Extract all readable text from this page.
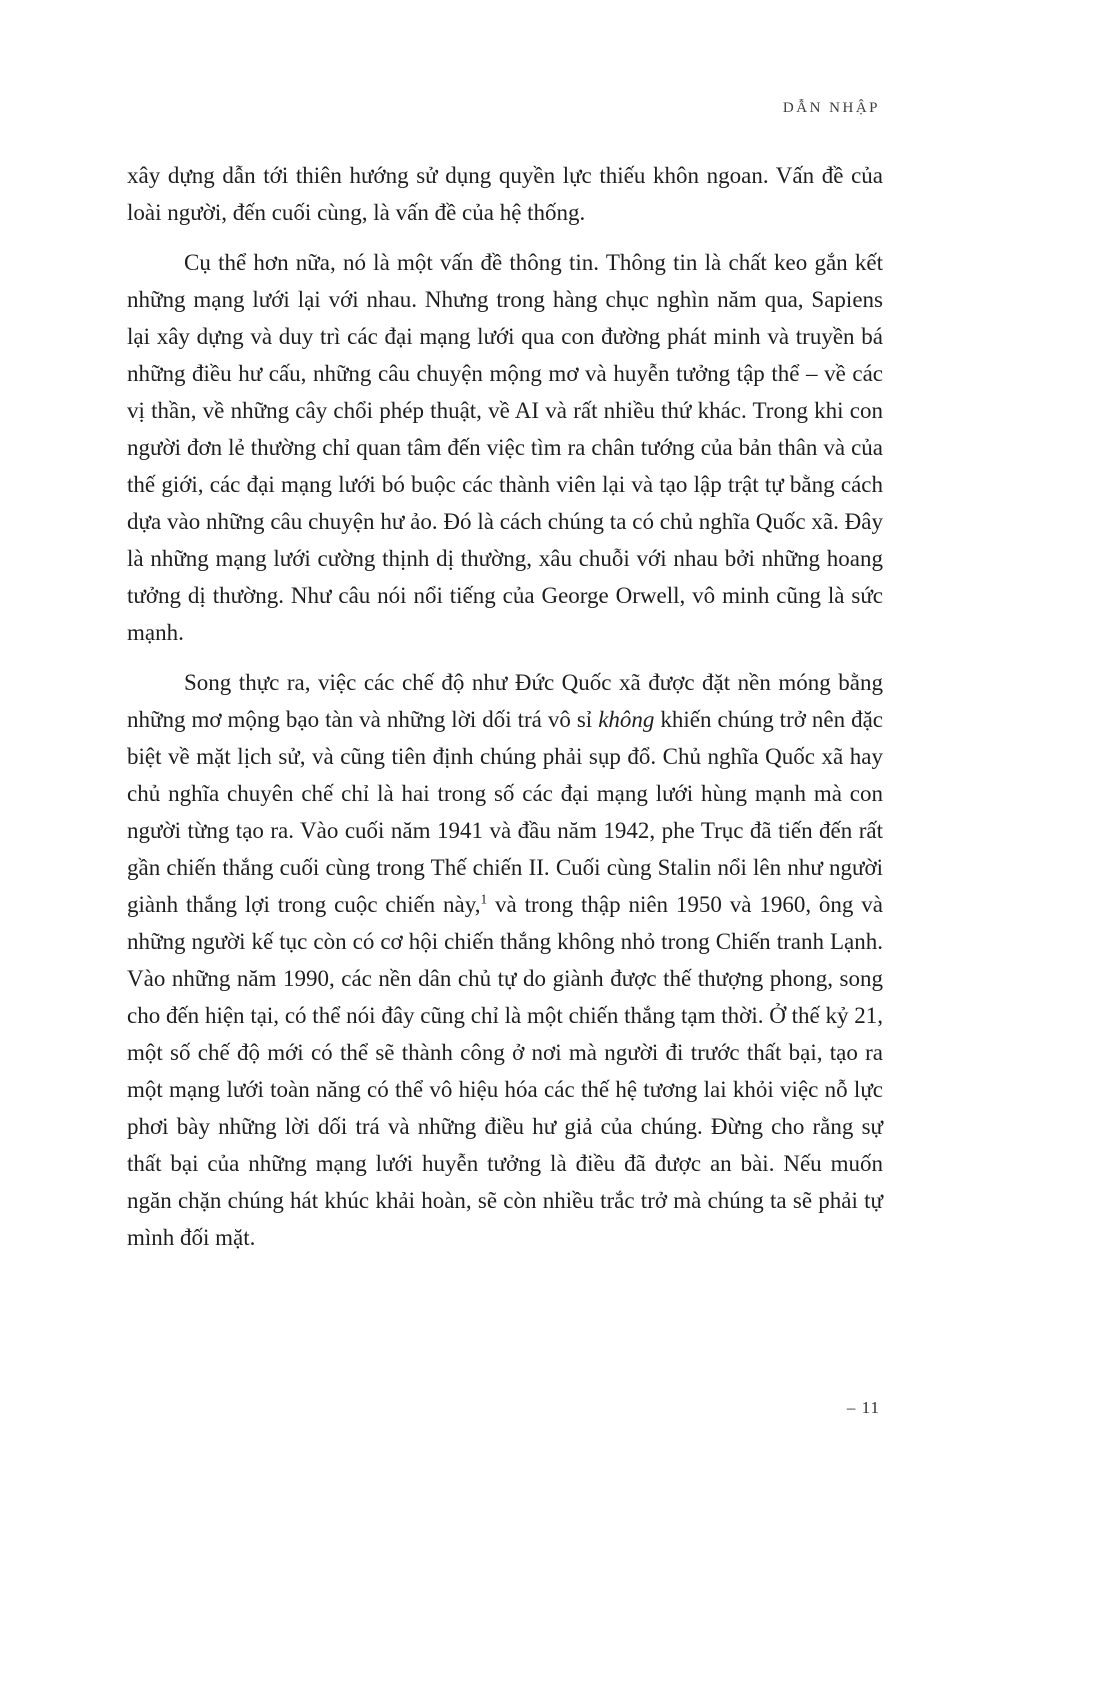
DẪN NHẬP

xây dựng dẫn tới thiên hướng sử dụng quyền lực thiếu khôn ngoan. Vấn đề của loài người, đến cuối cùng, là vấn đề của hệ thống.

Cụ thể hơn nữa, nó là một vấn đề thông tin. Thông tin là chất keo gắn kết những mạng lưới lại với nhau. Nhưng trong hàng chục nghìn năm qua, Sapiens lại xây dựng và duy trì các đại mạng lưới qua con đường phát minh và truyền bá những điều hư cấu, những câu chuyện mộng mơ và huyễn tưởng tập thể – về các vị thần, về những cây chổi phép thuật, về AI và rất nhiều thứ khác. Trong khi con người đơn lẻ thường chỉ quan tâm đến việc tìm ra chân tướng của bản thân và của thế giới, các đại mạng lưới bó buộc các thành viên lại và tạo lập trật tự bằng cách dựa vào những câu chuyện hư ảo. Đó là cách chúng ta có chủ nghĩa Quốc xã. Đây là những mạng lưới cường thịnh dị thường, xâu chuỗi với nhau bởi những hoang tưởng dị thường. Như câu nói nổi tiếng của George Orwell, vô minh cũng là sức mạnh.

Song thực ra, việc các chế độ như Đức Quốc xã được đặt nền móng bằng những mơ mộng bạo tàn và những lời dối trá vô sỉ không khiến chúng trở nên đặc biệt về mặt lịch sử, và cũng tiên định chúng phải sụp đổ. Chủ nghĩa Quốc xã hay chủ nghĩa chuyên chế chỉ là hai trong số các đại mạng lưới hùng mạnh mà con người từng tạo ra. Vào cuối năm 1941 và đầu năm 1942, phe Trục đã tiến đến rất gần chiến thắng cuối cùng trong Thế chiến II. Cuối cùng Stalin nổi lên như người giành thắng lợi trong cuộc chiến này,$^1$ và trong thập niên 1950 và 1960, ông và những người kế tục còn có cơ hội chiến thắng không nhỏ trong Chiến tranh Lạnh. Vào những năm 1990, các nền dân chủ tự do giành được thế thượng phong, song cho đến hiện tại, có thể nói đây cũng chỉ là một chiến thắng tạm thời. Ở thế kỷ 21, một số chế độ mới có thể sẽ thành công ở nơi mà người đi trước thất bại, tạo ra một mạng lưới toàn năng có thể vô hiệu hóa các thế hệ tương lai khỏi việc nỗ lực phơi bày những lời dối trá và những điều hư giả của chúng. Đừng cho rằng sự thất bại của những mạng lưới huyễn tưởng là điều đã được an bài. Nếu muốn ngăn chặn chúng hát khúc khải hoàn, sẽ còn nhiều trắc trở mà chúng ta sẽ phải tự mình đối mặt.

– 11
